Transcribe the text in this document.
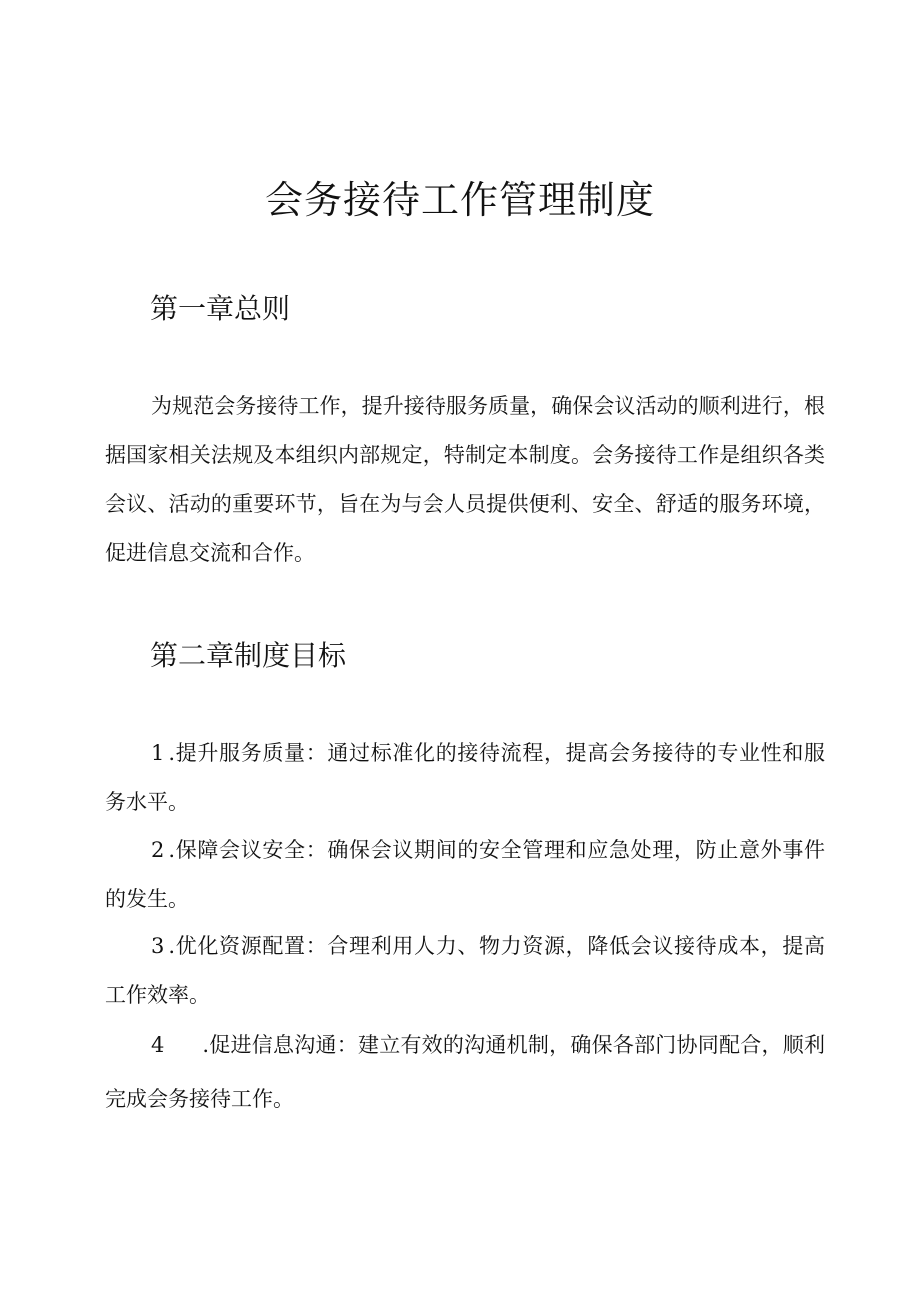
会务接待工作管理制度
第一章总则

为规范会务接待工作，提升接待服务质量，确保会议活动的顺利进行，根据国家相关法规及本组织内部规定，特制定本制度。会务接待工作是组织各类会议、活动的重要环节，旨在为与会人员提供便利、安全、舒适的服务环境，促进信息交流和合作。

第二章制度目标

1 .提升服务质量：通过标准化的接待流程，提高会务接待的专业性和服务水平。

2 .保障会议安全：确保会议期间的安全管理和应急处理，防止意外事件的发生。

3 .优化资源配置：合理利用人力、物力资源，降低会议接待成本，提高工作效率。

4 .促进信息沟通：建立有效的沟通机制，确保各部门协同配合，顺利完成会务接待工作。
